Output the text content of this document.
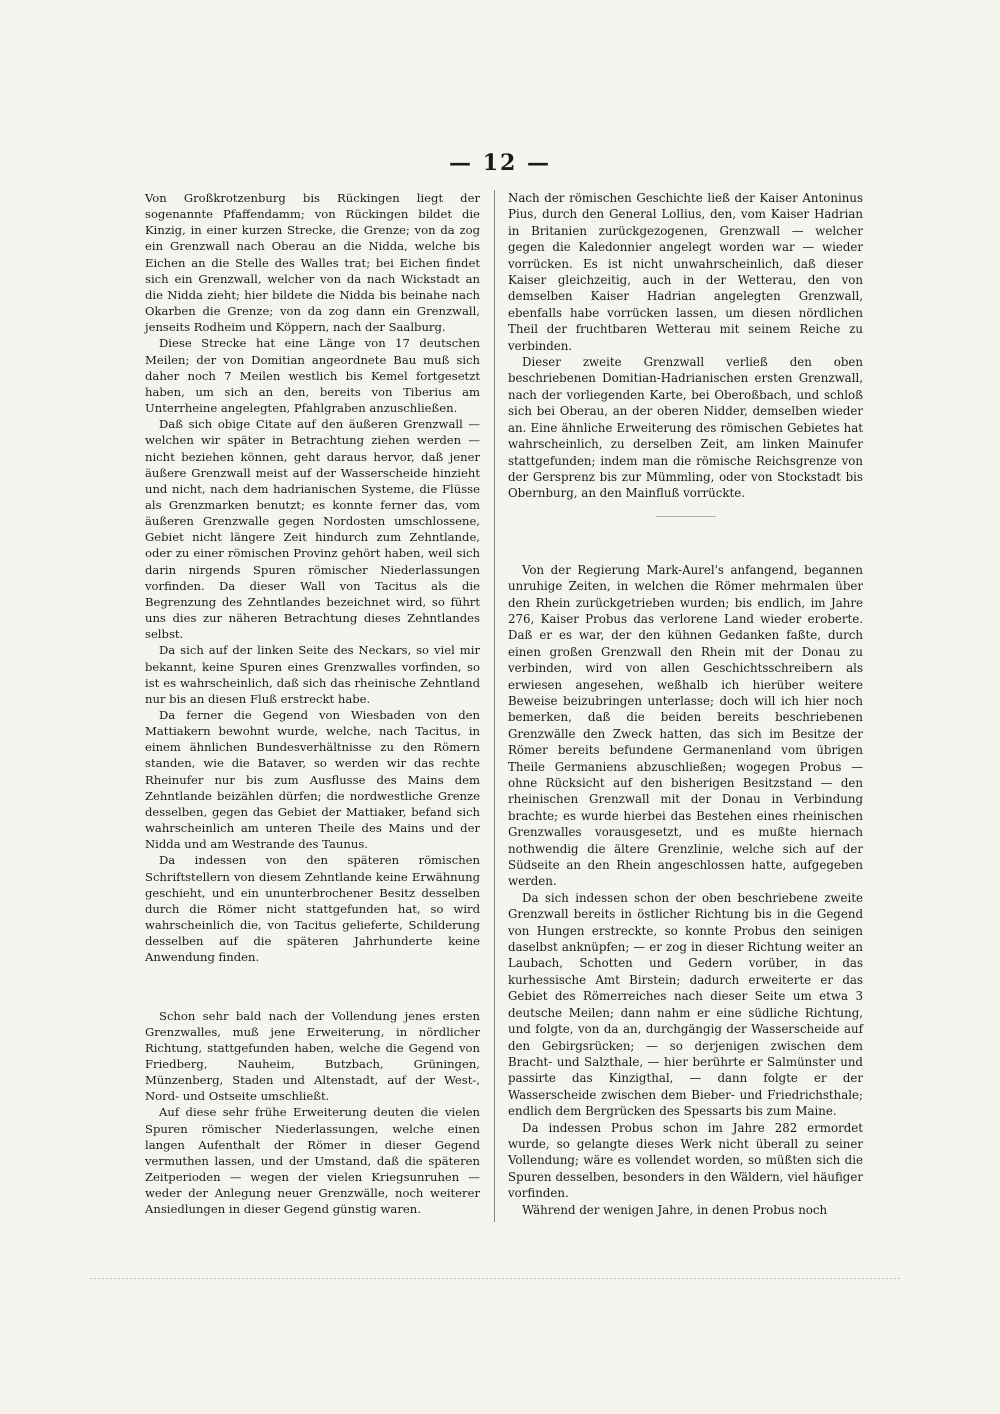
— 12 —

Von Großkrotzenburg bis Rückingen liegt der sogenannte Pfaffendamm; von Rückingen bildet die Kinzig, in einer kurzen Strecke, die Grenze; von da zog ein Grenzwall nach Oberau an die Nidda, welche bis Eichen an die Stelle des Walles trat; bei Eichen findet sich ein Grenzwall, welcher von da nach Wickstadt an die Nidda zieht; hier bildete die Nidda bis beinahe nach Okarben die Grenze; von da zog dann ein Grenzwall, jenseits Rodheim und Köppern, nach der Saalburg.

Diese Strecke hat eine Länge von 17 deutschen Meilen; der von Domitian angeordnete Bau muß sich daher noch 7 Meilen westlich bis Kemel fortgesetzt haben, um sich an den, bereits von Tiberius am Unterrheine angelegten, Pfahlgraben anzuschließen.

Daß sich obige Citate auf den äußeren Grenzwall — welchen wir später in Betrachtung ziehen werden — nicht beziehen können, geht daraus hervor, daß jener äußere Grenzwall meist auf der Wasserscheide hinzieht und nicht, nach dem hadrianischen Systeme, die Flüsse als Grenzmarken benutzt; es konnte ferner das, vom äußeren Grenzwalle gegen Nordosten umschlossene, Gebiet nicht längere Zeit hindurch zum Zehntlande, oder zu einer römischen Provinz gehört haben, weil sich darin nirgends Spuren römischer Niederlassungen vorfinden. Da dieser Wall von Tacitus als die Begrenzung des Zehntlandes bezeichnet wird, so führt uns dies zur näheren Betrachtung dieses Zehntlandes selbst.

Da sich auf der linken Seite des Neckars, so viel mir bekannt, keine Spuren eines Grenzwalles vorfinden, so ist es wahrscheinlich, daß sich das rheinische Zehntland nur bis an diesen Fluß erstreckt habe.

Da ferner die Gegend von Wiesbaden von den Mattiakern bewohnt wurde, welche, nach Tacitus, in einem ähnlichen Bundesverhältnisse zu den Römern standen, wie die Bataver, so werden wir das rechte Rheinufer nur bis zum Ausflusse des Mains dem Zehntlande beizählen dürfen; die nordwestliche Grenze desselben, gegen das Gebiet der Mattiaker, befand sich wahrscheinlich am unteren Theile des Mains und der Nidda und am Westrande des Taunus.

Da indessen von den späteren römischen Schriftstellern von diesem Zehntlande keine Erwähnung geschieht, und ein ununterbrochener Besitz desselben durch die Römer nicht stattgefunden hat, so wird wahrscheinlich die, von Tacitus gelieferte, Schilderung desselben auf die späteren Jahrhunderte keine Anwendung finden.

Schon sehr bald nach der Vollendung jenes ersten Grenzwalles, muß jene Erweiterung, in nördlicher Richtung, stattgefunden haben, welche die Gegend von Friedberg, Nauheim, Butzbach, Grüningen, Münzenberg, Staden und Altenstadt, auf der West-, Nord- und Ostseite umschließt.

Auf diese sehr frühe Erweiterung deuten die vielen Spuren römischer Niederlassungen, welche einen langen Aufenthalt der Römer in dieser Gegend vermuthen lassen, und der Umstand, daß die späteren Zeitperioden — wegen der vielen Kriegsunruhen — weder der Anlegung neuer Grenzwälle, noch weiterer Ansiedlungen in dieser Gegend günstig waren.

Nach der römischen Geschichte ließ der Kaiser Antoninus Pius, durch den General Lollius, den, vom Kaiser Hadrian in Britanien zurückgezogenen, Grenzwall — welcher gegen die Kaledonnier angelegt worden war — wieder vorrücken. Es ist nicht unwahrscheinlich, daß dieser Kaiser gleichzeitig, auch in der Wetterau, den von demselben Kaiser Hadrian angelegten Grenzwall, ebenfalls habe vorrücken lassen, um diesen nördlichen Theil der fruchtbaren Wetterau mit seinem Reiche zu verbinden.

Dieser zweite Grenzwall verließ den oben beschriebenen Domitian-Hadrianischen ersten Grenzwall, nach der vorliegenden Karte, bei Oberoßbach, und schloß sich bei Oberau, an der oberen Nidder, demselben wieder an. Eine ähnliche Erweiterung des römischen Gebietes hat wahrscheinlich, zu derselben Zeit, am linken Mainufer stattgefunden; indem man die römische Reichsgrenze von der Gersprenz bis zur Mümmling, oder von Stockstadt bis Obernburg, an den Mainfluß vorrückte.

Von der Regierung Mark-Aurel's anfangend, begannen unruhige Zeiten, in welchen die Römer mehrmalen über den Rhein zurückgetrieben wurden; bis endlich, im Jahre 276, Kaiser Probus das verlorene Land wieder eroberte. Daß er es war, der den kühnen Gedanken faßte, durch einen großen Grenzwall den Rhein mit der Donau zu verbinden, wird von allen Geschichtsschreibern als erwiesen angesehen, weßhalb ich hierüber weitere Beweise beizubringen unterlasse; doch will ich hier noch bemerken, daß die beiden bereits beschriebenen Grenzwälle den Zweck hatten, das sich im Besitze der Römer bereits befundene Germanenland vom übrigen Theile Germaniens abzuschließen; wogegen Probus — ohne Rücksicht auf den bisherigen Besitzstand — den rheinischen Grenzwall mit der Donau in Verbindung brachte; es wurde hierbei das Bestehen eines rheinischen Grenzwalles vorausgesetzt, und es mußte hiernach nothwendig die ältere Grenzlinie, welche sich auf der Südseite an den Rhein angeschlossen hatte, aufgegeben werden.

Da sich indessen schon der oben beschriebene zweite Grenzwall bereits in östlicher Richtung bis in die Gegend von Hungen erstreckte, so konnte Probus den seinigen daselbst anknüpfen; — er zog in dieser Richtung weiter an Laubach, Schotten und Gedern vorüber, in das kurhessische Amt Birstein; dadurch erweiterte er das Gebiet des Römerreiches nach dieser Seite um etwa 3 deutsche Meilen; dann nahm er eine südliche Richtung, und folgte, von da an, durchgängig der Wasserscheide auf den Gebirgsrücken; — so derjenigen zwischen dem Bracht- und Salzthale, — hier berührte er Salmünster und passirte das Kinzigthal, — dann folgte er der Wasserscheide zwischen dem Bieber- und Friedrichsthale; endlich dem Bergrücken des Spessarts bis zum Maine.

Da indessen Probus schon im Jahre 282 ermordet wurde, so gelangte dieses Werk nicht überall zu seiner Vollendung; wäre es vollendet worden, so müßten sich die Spuren desselben, besonders in den Wäldern, viel häufiger vorfinden.

Während der wenigen Jahre, in denen Probus noch
